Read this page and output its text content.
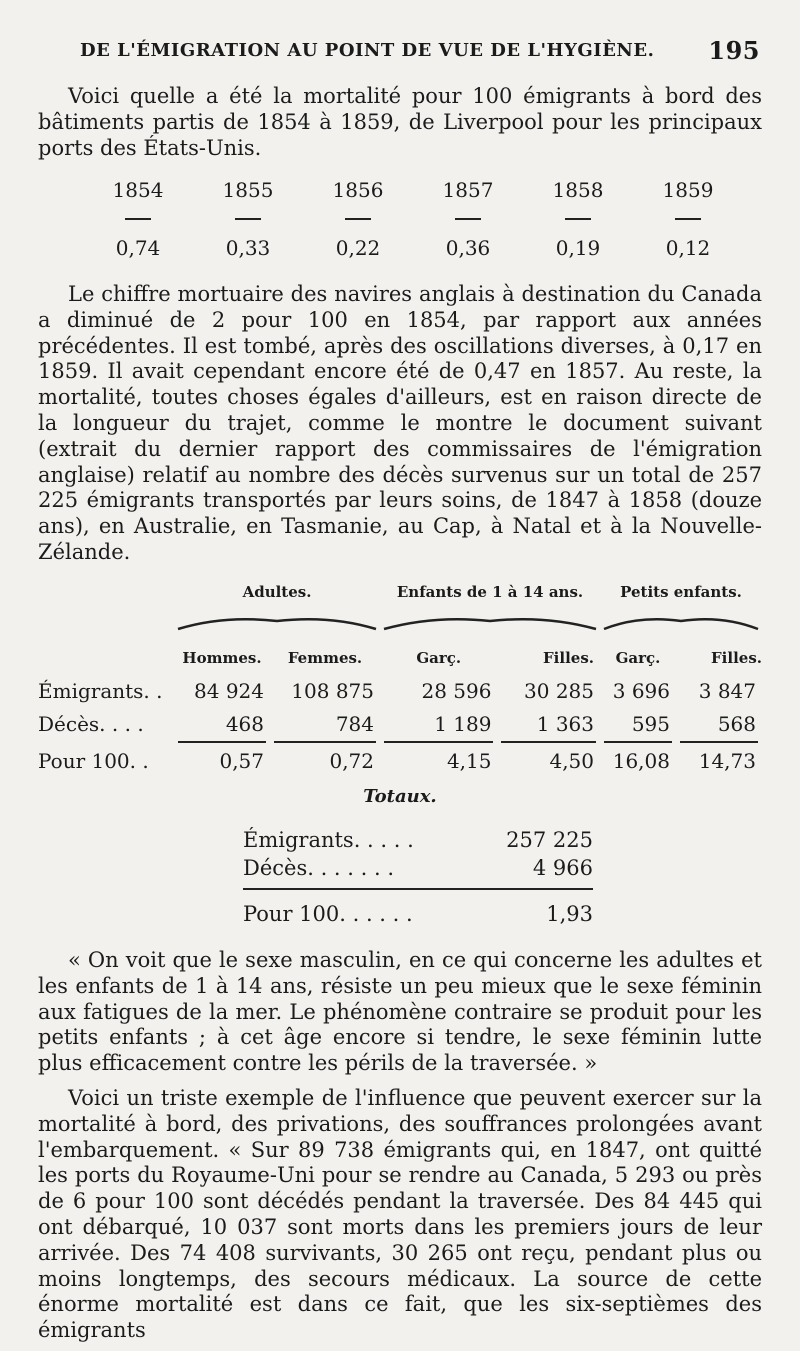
DE L'ÉMIGRATION AU POINT DE VUE DE L'HYGIÈNE. 195

Voici quelle a été la mortalité pour 100 émigrants à bord des bâtiments partis de 1854 à 1859, de Liverpool pour les principaux ports des États-Unis.

1854	1855	1856	1857	1858	1859
0,74	0,33	0,22	0,36	0,19	0,12

Le chiffre mortuaire des navires anglais à destination du Canada a diminué de 2 pour 100 en 1854, par rapport aux années précédentes. Il est tombé, après des oscillations diverses, à 0,17 en 1859. Il avait cependant encore été de 0,47 en 1857. Au reste, la mortalité, toutes choses égales d'ailleurs, est en raison directe de la longueur du trajet, comme le montre le document suivant (extrait du dernier rapport des commissaires de l'émigration anglaise) relatif au nombre des décès survenus sur un total de 257 225 émigrants transportés par leurs soins, de 1847 à 1858 (douze ans), en Australie, en Tasmanie, au Cap, à Natal et à la Nouvelle-Zélande.

	Adultes.		Enfants de 1 à 14 ans.		Petits enfants.	

	Hommes.	Femmes.	Garç.	Filles.	Garç.	Filles.
Émigrants. .	84 924	108 875	28 596	30 285	3 696	3 847
Décès. . . .	468	784	1 189	1 363	595	568

Pour 100. .	0,57	0,72	4,15	4,50	16,08	14,73
Totaux.
Émigrants. . . . .	257 225
Décès. . . . . . .	4 966
Pour 100. . . . . .	1,93

« On voit que le sexe masculin, en ce qui concerne les adultes et les enfants de 1 à 14 ans, résiste un peu mieux que le sexe féminin aux fatigues de la mer. Le phénomène contraire se produit pour les petits enfants ; à cet âge encore si tendre, le sexe féminin lutte plus efficacement contre les périls de la traversée. »

Voici un triste exemple de l'influence que peuvent exercer sur la mortalité à bord, des privations, des souffrances prolongées avant l'embarquement. « Sur 89 738 émigrants qui, en 1847, ont quitté les ports du Royaume-Uni pour se rendre au Canada, 5 293 ou près de 6 pour 100 sont décédés pendant la traversée. Des 84 445 qui ont débarqué, 10 037 sont morts dans les premiers jours de leur arrivée. Des 74 408 survivants, 30 265 ont reçu, pendant plus ou moins longtemps, des secours médicaux. La source de cette énorme mortalité est dans ce fait, que les six-septièmes des émigrants
